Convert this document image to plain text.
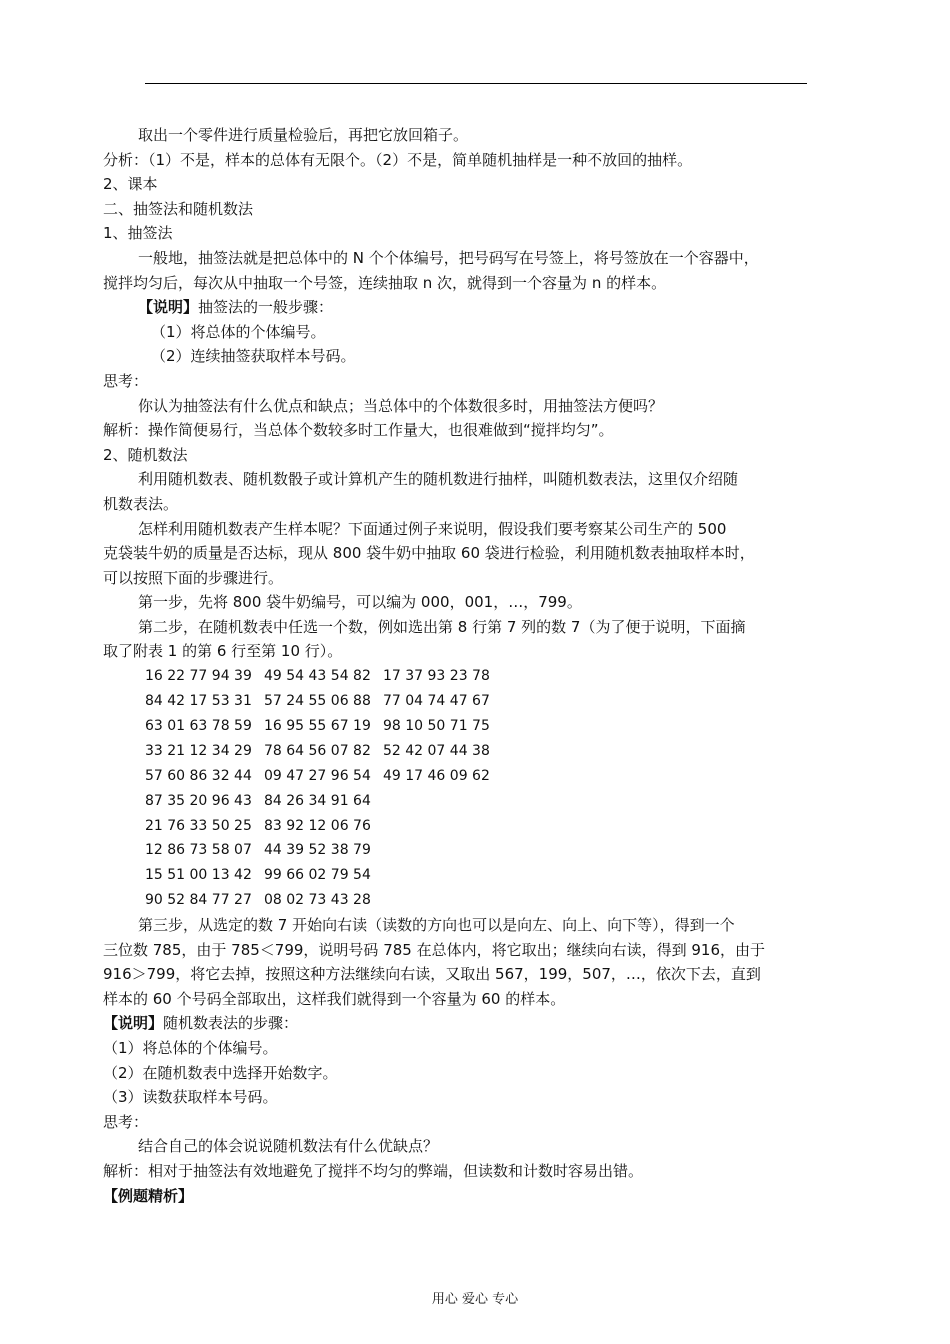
取出一个零件进行质量检验后，再把它放回箱子。

分析：（1）不是，样本的总体有无限个。（2）不是，简单随机抽样是一种不放回的抽样。

2、课本

二、抽签法和随机数法

1、抽签法

一般地，抽签法就是把总体中的 N 个个体编号，把号码写在号签上，将号签放在一个容器中，

搅拌均匀后，每次从中抽取一个号签，连续抽取 n 次，就得到一个容量为 n 的样本。

【说明】抽签法的一般步骤：

（1）将总体的个体编号。

（2）连续抽签获取样本号码。

思考：

你认为抽签法有什么优点和缺点；当总体中的个体数很多时，用抽签法方便吗？

解析：操作简便易行，当总体个数较多时工作量大，也很难做到“搅拌均匀”。

2、随机数法

利用随机数表、随机数骰子或计算机产生的随机数进行抽样，叫随机数表法，这里仅介绍随

机数表法。

怎样利用随机数表产生样本呢？下面通过例子来说明，假设我们要考察某公司生产的 500

克袋装牛奶的质量是否达标，现从 800 袋牛奶中抽取 60 袋进行检验，利用随机数表抽取样本时，

可以按照下面的步骤进行。

第一步，先将 800 袋牛奶编号，可以编为 000，001，…，799。

第二步，在随机数表中任选一个数，例如选出第 8 行第 7 列的数 7（为了便于说明，下面摘

取了附表 1 的第 6 行至第 10 行）。

16 22 77 94 39	49 54 43 54 82	17 37 93 23 78
84 42 17 53 31	57 24 55 06 88	77 04 74 47 67
63 01 63 78 59	16 95 55 67 19	98 10 50 71 75
33 21 12 34 29	78 64 56 07 82	52 42 07 44 38
57 60 86 32 44	09 47 27 96 54	49 17 46 09 62
87 35 20 96 43	84 26 34 91 64	
21 76 33 50 25	83 92 12 06 76	
12 86 73 58 07	44 39 52 38 79	
15 51 00 13 42	99 66 02 79 54	
90 52 84 77 27	08 02 73 43 28	

第三步，从选定的数 7 开始向右读（读数的方向也可以是向左、向上、向下等），得到一个

三位数 785，由于 785＜799，说明号码 785 在总体内，将它取出；继续向右读，得到 916，由于

916＞799，将它去掉，按照这种方法继续向右读，又取出 567，199，507，…，依次下去，直到

样本的 60 个号码全部取出，这样我们就得到一个容量为 60 的样本。

【说明】随机数表法的步骤：

（1）将总体的个体编号。

（2）在随机数表中选择开始数字。

（3）读数获取样本号码。

思考：

结合自己的体会说说随机数法有什么优缺点？

解析：相对于抽签法有效地避免了搅拌不均匀的弊端，但读数和计数时容易出错。

【例题精析】

用心 爱心 专心
